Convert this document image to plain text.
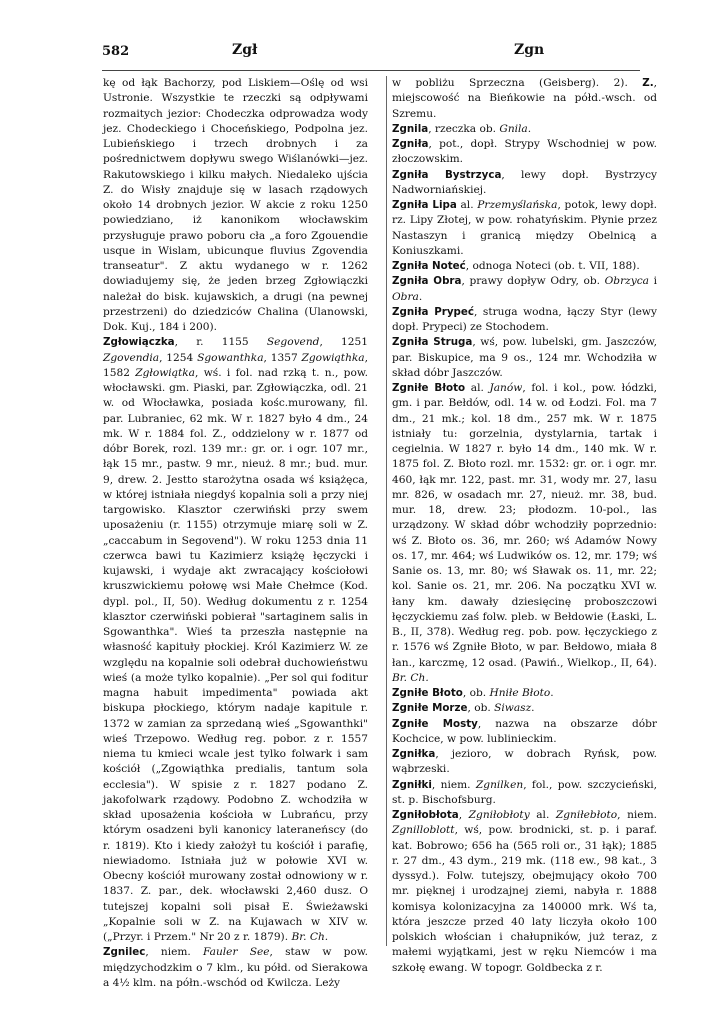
582	Zgł	Zgn

kę od łąk Bachorzy, pod Liskiem—Oślę od wsi Ustronie. Wszystkie te rzeczki są odpływami rozmaitych jezior: Chodeczka odprowadza wody jez. Chodeckiego i Choceńskiego, Podpolna jez. Lubieńskiego i trzech drobnych i za pośrednictwem dopływu swego Wiślanówki—jez. Rakutowskiego i kilku małych. Niedaleko ujścia Z. do Wisły znajduje się w lasach rządowych około 14 drobnych jezior. W akcie z roku 1250 powiedziano, iż kanonikom włocławskim przysługuje prawo poboru cła „a foro Zgouendie usque in Wislam, ubicunque fluvius Zgovendia transeatur". Z aktu wydanego w r. 1262 dowiadujemy się, że jeden brzeg Zgłowiączki należał do bisk. kujawskich, a drugi (na pewnej przestrzeni) do dziedziców Chalina (Ulanowski, Dok. Kuj., 184 i 200).

Zgłowiączka, r. 1155 Segovend, 1251 Zgovendia, 1254 Sgowanthka, 1357 Zgowiąthka, 1582 Zgłowiątka, wś. i fol. nad rzką t. n., pow. włocławski. gm. Piaski, par. Zgłowiączka, odl. 21 w. od Włocławka, posiada kośc.murowany, fil. par. Lubraniec, 62 mk. W r. 1827 było 4 dm., 24 mk. W r. 1884 fol. Z., oddzielony w r. 1877 od dóbr Borek, rozl. 139 mr.: gr. or. i ogr. 107 mr., łąk 15 mr., pastw. 9 mr., nieuż. 8 mr.; bud. mur. 9, drew. 2. Jestto starożytna osada wś książęca, w której istniała niegdyś kopalnia soli a przy niej targowisko. Klasztor czerwiński przy swem uposażeniu (r. 1155) otrzymuje miarę soli w Z. „caccabum in Segovend"). W roku 1253 dnia 11 czerwca bawi tu Kazimierz książę łęczycki i kujawski, i wydaje akt zwracający kościołowi kruszwickiemu połowę wsi Małe Chełmce (Kod. dypl. pol., II, 50). Według dokumentu z r. 1254 klasztor czerwiński pobierał "sartaginem salis in Sgowanthka". Wieś ta przeszła następnie na własność kapituły płockiej. Król Kazimierz W. ze względu na kopalnie soli odebrał duchowieństwu wieś (a może tylko kopalnie). „Per sol qui foditur magna habuit impedimenta" powiada akt biskupa płockiego, którym nadaje kapitule r. 1372 w zamian za sprzedaną wieś „Sgowanthki" wieś Trzepowo. Według reg. pobor. z r. 1557 niema tu kmieci wcale jest tylko folwark i sam kościół („Zgowiąthka predialis, tantum sola ecclesia"). W spisie z r. 1827 podano Z. jakofolwark rządowy. Podobno Z. wchodziła w skład uposażenia kościoła w Lubrańcu, przy którym osadzeni byli kanonicy lateraneńscy (do r. 1819). Kto i kiedy założył tu kościół i parafię, niewiadomo. Istniała już w połowie XVI w. Obecny kościół murowany został odnowiony w r. 1837. Z. par., dek. włocławski 2,460 dusz. O tutejszej kopalni soli pisał E. Świeżawski „Kopalnie soli w Z. na Kujawach w XIV w. („Przyr. i Przem." Nr 20 z r. 1879). Br. Ch.

Zgnilec, niem. Fauler See, staw w pow. międzychodzkim o 7 klm., ku półd. od Sierakowa a 4½ klm. na półn.-wschód od Kwilcza. Leży

w pobliżu Sprzeczna (Geisberg). 2). Z., miejscowość na Bieńkowie na półd.-wsch. od Szremu.

Zgnila, rzeczka ob. Gnila.

Zgniła, pot., dopł. Strypy Wschodniej w pow. złoczowskim.

Zgniła Bystrzyca, lewy dopł. Bystrzycy Nadworniańskiej.

Zgniła Lipa al. Przemyślańska, potok, lewy dopł. rz. Lipy Złotej, w pow. rohatyńskim. Płynie przez Nastaszyn i granicą między Obelnicą a Koniuszkami.

Zgniła Noteć, odnoga Noteci (ob. t. VII, 188).

Zgniła Obra, prawy dopływ Odry, ob. Obrzyca i Obra.

Zgniła Prypeć, struga wodna, łączy Styr (lewy dopł. Prypeci) ze Stochodem.

Zgniła Struga, wś, pow. lubelski, gm. Jaszczów, par. Biskupice, ma 9 os., 124 mr. Wchodziła w skład dóbr Jaszczów.

Zgniłe Błoto al. Janów, fol. i kol., pow. łódzki, gm. i par. Bełdów, odl. 14 w. od Łodzi. Fol. ma 7 dm., 21 mk.; kol. 18 dm., 257 mk. W r. 1875 istniały tu: gorzelnia, dystylarnia, tartak i cegielnia. W 1827 r. było 14 dm., 140 mk. W r. 1875 fol. Z. Błoto rozl. mr. 1532: gr. or. i ogr. mr. 460, łąk mr. 122, past. mr. 31, wody mr. 27, lasu mr. 826, w osadach mr. 27, nieuż. mr. 38, bud. mur. 18, drew. 23; płodozm. 10-pol., las urządzony. W skład dóbr wchodziły poprzednio: wś Z. Błoto os. 36, mr. 260; wś Adamów Nowy os. 17, mr. 464; wś Ludwików os. 12, mr. 179; wś Sanie os. 13, mr. 80; wś Sławak os. 11, mr. 22; kol. Sanie os. 21, mr. 206. Na początku XVI w. łany km. dawały dziesięcinę proboszczowi łęczyckiemu zaś folw. pleb. w Bełdowie (Łaski, L. B., II, 378). Według reg. pob. pow. łęczyckiego z r. 1576 wś Zgniłe Błoto, w par. Bełdowo, miała 8 łan., karczmę, 12 osad. (Pawiń., Wielkop., II, 64). Br. Ch.

Zgniłe Błoto, ob. Hniłe Błoto.

Zgniłe Morze, ob. Siwasz.

Zgniłe Mosty, nazwa na obszarze dóbr Kochcice, w pow. lublinieckim.

Zgniłka, jezioro, w dobrach Ryńsk, pow. wąbrzeski.

Zgniłki, niem. Zgnilken, fol., pow. szczycieński, st. p. Bischofsburg.

Zgniłobłota, Zgniłobłoty al. Zgniłebłoto, niem. Zgnilloblott, wś, pow. brodnicki, st. p. i paraf. kat. Bobrowo; 656 ha (565 roli or., 31 łąk); 1885 r. 27 dm., 43 dym., 219 mk. (118 ew., 98 kat., 3 dyssyd.). Folw. tutejszy, obejmujący około 700 mr. pięknej i urodzajnej ziemi, nabyła r. 1888 komisya kolonizacyjna za 140000 mrk. Wś ta, która jeszcze przed 40 laty liczyła około 100 polskich włościan i chałupników, już teraz, z małemi wyjątkami, jest w ręku Niemców i ma szkołę ewang. W topogr. Goldbecka z r.
